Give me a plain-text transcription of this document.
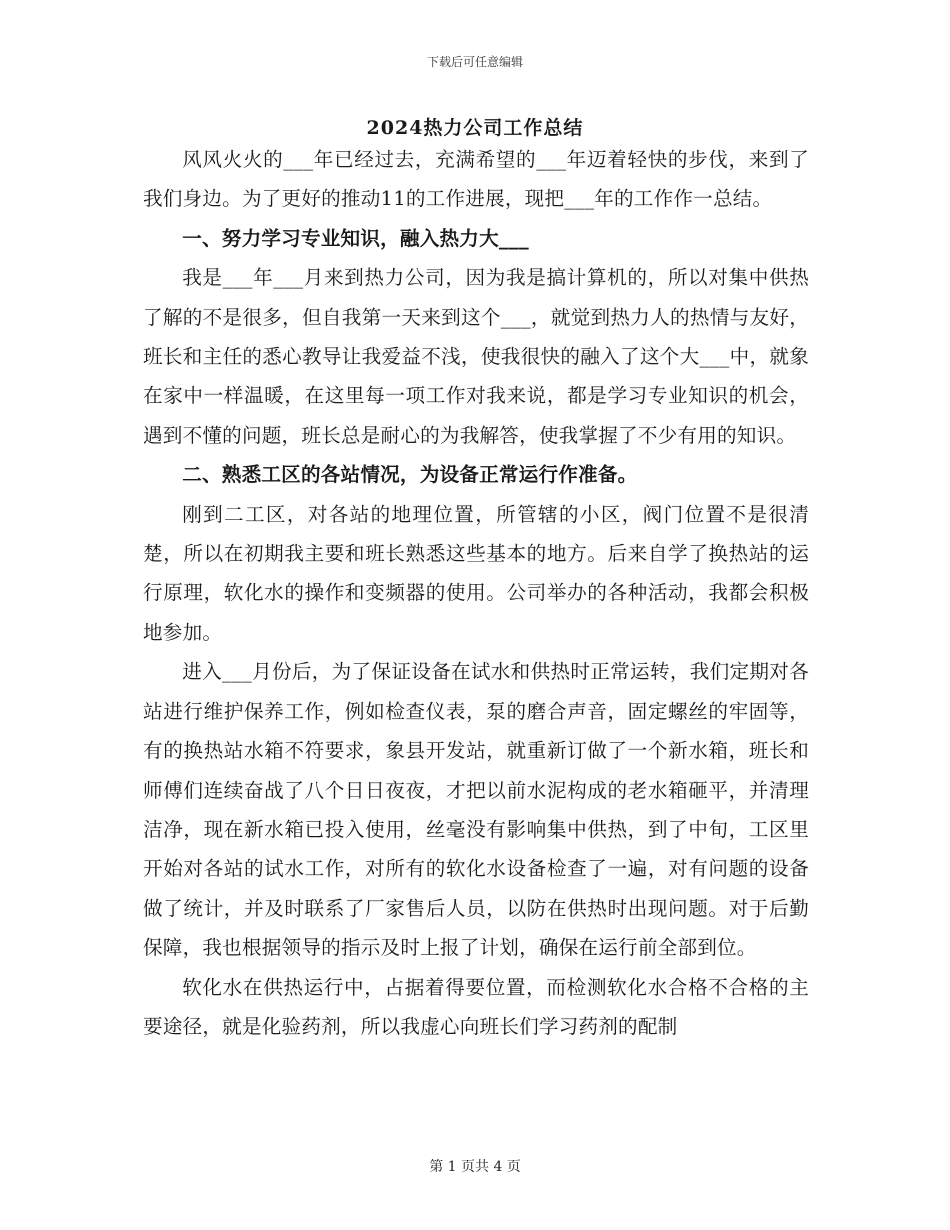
下载后可任意编辑
2024热力公司工作总结

风风火火的___年已经过去，充满希望的___年迈着轻快的步伐，来到了我们身边。为了更好的推动11的工作进展，现把___年的工作作一总结。

一、努力学习专业知识，融入热力大___

我是___年___月来到热力公司，因为我是搞计算机的，所以对集中供热了解的不是很多，但自我第一天来到这个___，就觉到热力人的热情与友好，班长和主任的悉心教导让我爱益不浅，使我很快的融入了这个大___中，就象在家中一样温暖，在这里每一项工作对我来说，都是学习专业知识的机会，遇到不懂的问题，班长总是耐心的为我解答，使我掌握了不少有用的知识。

二、熟悉工区的各站情况，为设备正常运行作准备。

刚到二工区，对各站的地理位置，所管辖的小区，阀门位置不是很清楚，所以在初期我主要和班长熟悉这些基本的地方。后来自学了换热站的运行原理，软化水的操作和变频器的使用。公司举办的各种活动，我都会积极地参加。

进入___月份后，为了保证设备在试水和供热时正常运转，我们定期对各站进行维护保养工作，例如检查仪表，泵的磨合声音，固定螺丝的牢固等，有的换热站水箱不符要求，象县开发站，就重新订做了一个新水箱，班长和师傅们连续奋战了八个日日夜夜，才把以前水泥构成的老水箱砸平，并清理洁净，现在新水箱已投入使用，丝毫没有影响集中供热，到了中旬，工区里开始对各站的试水工作，对所有的软化水设备检查了一遍，对有问题的设备做了统计，并及时联系了厂家售后人员，以防在供热时出现问题。对于后勤保障，我也根据领导的指示及时上报了计划，确保在运行前全部到位。

软化水在供热运行中，占据着得要位置，而检测软化水合格不合格的主要途径，就是化验药剂，所以我虚心向班长们学习药剂的配制

第 1 页共 4 页
